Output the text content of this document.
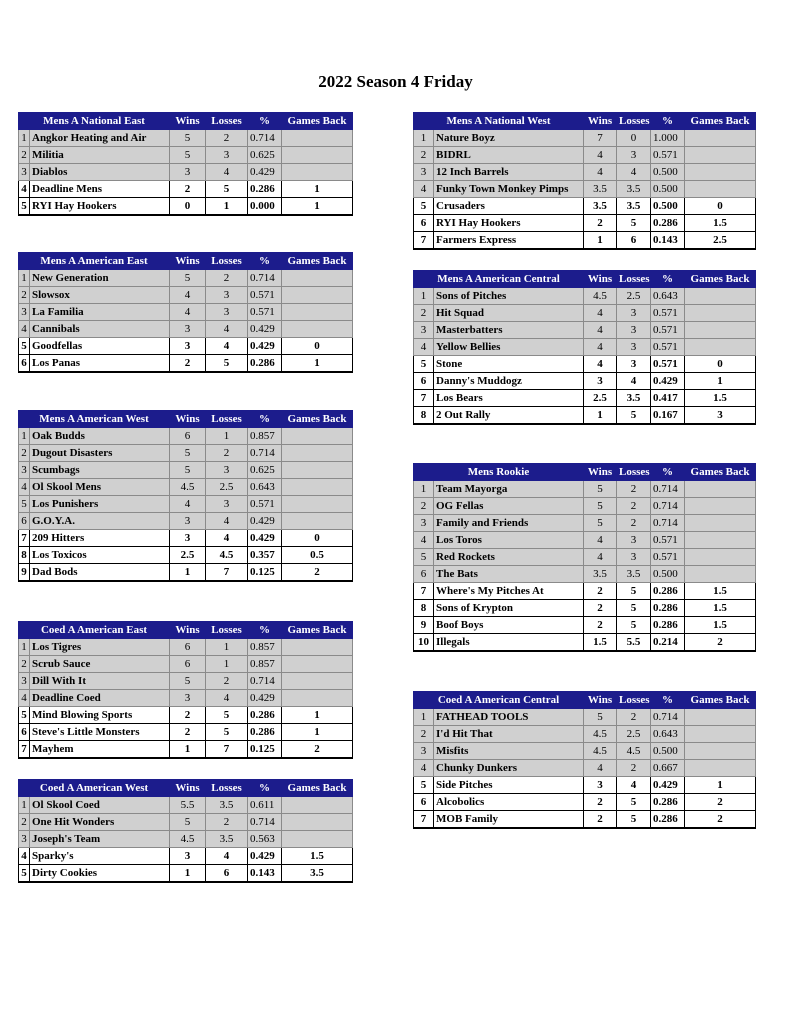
2022 Season 4 Friday
Mens A National East		Wins	Losses	%	Games Back
1	Angkor Heating and Air	5	2	0.714	
2	Militia	5	3	0.625	
3	Diablos	3	4	0.429	
4	Deadline Mens	2	5	0.286	1
5	RYI Hay Hookers	0	1	0.000	1
Mens A American East		Wins	Losses	%	Games Back
1	New Generation	5	2	0.714	
2	Slowsox	4	3	0.571	
3	La Familia	4	3	0.571	
4	Cannibals	3	4	0.429	
5	Goodfellas	3	4	0.429	0
6	Los Panas	2	5	0.286	1
Mens A American West		Wins	Losses	%	Games Back
1	Oak Budds	6	1	0.857	
2	Dugout Disasters	5	2	0.714	
3	Scumbags	5	3	0.625	
4	Ol Skool Mens	4.5	2.5	0.643	
5	Los Punishers	4	3	0.571	
6	G.O.Y.A.	3	4	0.429	
7	209 Hitters	3	4	0.429	0
8	Los Toxicos	2.5	4.5	0.357	0.5
9	Dad Bods	1	7	0.125	2
Coed A American East		Wins	Losses	%	Games Back
1	Los Tigres	6	1	0.857	
2	Scrub Sauce	6	1	0.857	
3	Dill With It	5	2	0.714	
4	Deadline Coed	3	4	0.429	
5	Mind Blowing Sports	2	5	0.286	1
6	Steve's Little Monsters	2	5	0.286	1
7	Mayhem	1	7	0.125	2
Coed A American West		Wins	Losses	%	Games Back
1	Ol Skool Coed	5.5	3.5	0.611	
2	One Hit Wonders	5	2	0.714	
3	Joseph's Team	4.5	3.5	0.563	
4	Sparky's	3	4	0.429	1.5
5	Dirty Cookies	1	6	0.143	3.5
Mens A National West		Wins	Losses	%	Games Back
1	Nature Boyz	7	0	1.000	
2	BIDRL	4	3	0.571	
3	12 Inch Barrels	4	4	0.500	
4	Funky Town Monkey Pimps	3.5	3.5	0.500	
5	Crusaders	3.5	3.5	0.500	0
6	RYI Hay Hookers	2	5	0.286	1.5
7	Farmers Express	1	6	0.143	2.5
Mens A American Central		Wins	Losses	%	Games Back
1	Sons of Pitches	4.5	2.5	0.643	
2	Hit Squad	4	3	0.571	
3	Masterbatters	4	3	0.571	
4	Yellow Bellies	4	3	0.571	
5	Stone	4	3	0.571	0
6	Danny's Muddogz	3	4	0.429	1
7	Los Bears	2.5	3.5	0.417	1.5
8	2 Out Rally	1	5	0.167	3
Mens Rookie		Wins	Losses	%	Games Back
1	Team Mayorga	5	2	0.714	
2	OG Fellas	5	2	0.714	
3	Family and Friends	5	2	0.714	
4	Los Toros	4	3	0.571	
5	Red Rockets	4	3	0.571	
6	The Bats	3.5	3.5	0.500	
7	Where's My Pitches At	2	5	0.286	1.5
8	Sons of Krypton	2	5	0.286	1.5
9	Boof Boys	2	5	0.286	1.5
10	Illegals	1.5	5.5	0.214	2
Coed A American Central		Wins	Losses	%	Games Back
1	FATHEAD TOOLS	5	2	0.714	
2	I'd Hit That	4.5	2.5	0.643	
3	Misfits	4.5	4.5	0.500	
4	Chunky Dunkers	4	2	0.667	
5	Side Pitches	3	4	0.429	1
6	Alcobolics	2	5	0.286	2
7	MOB Family	2	5	0.286	2
